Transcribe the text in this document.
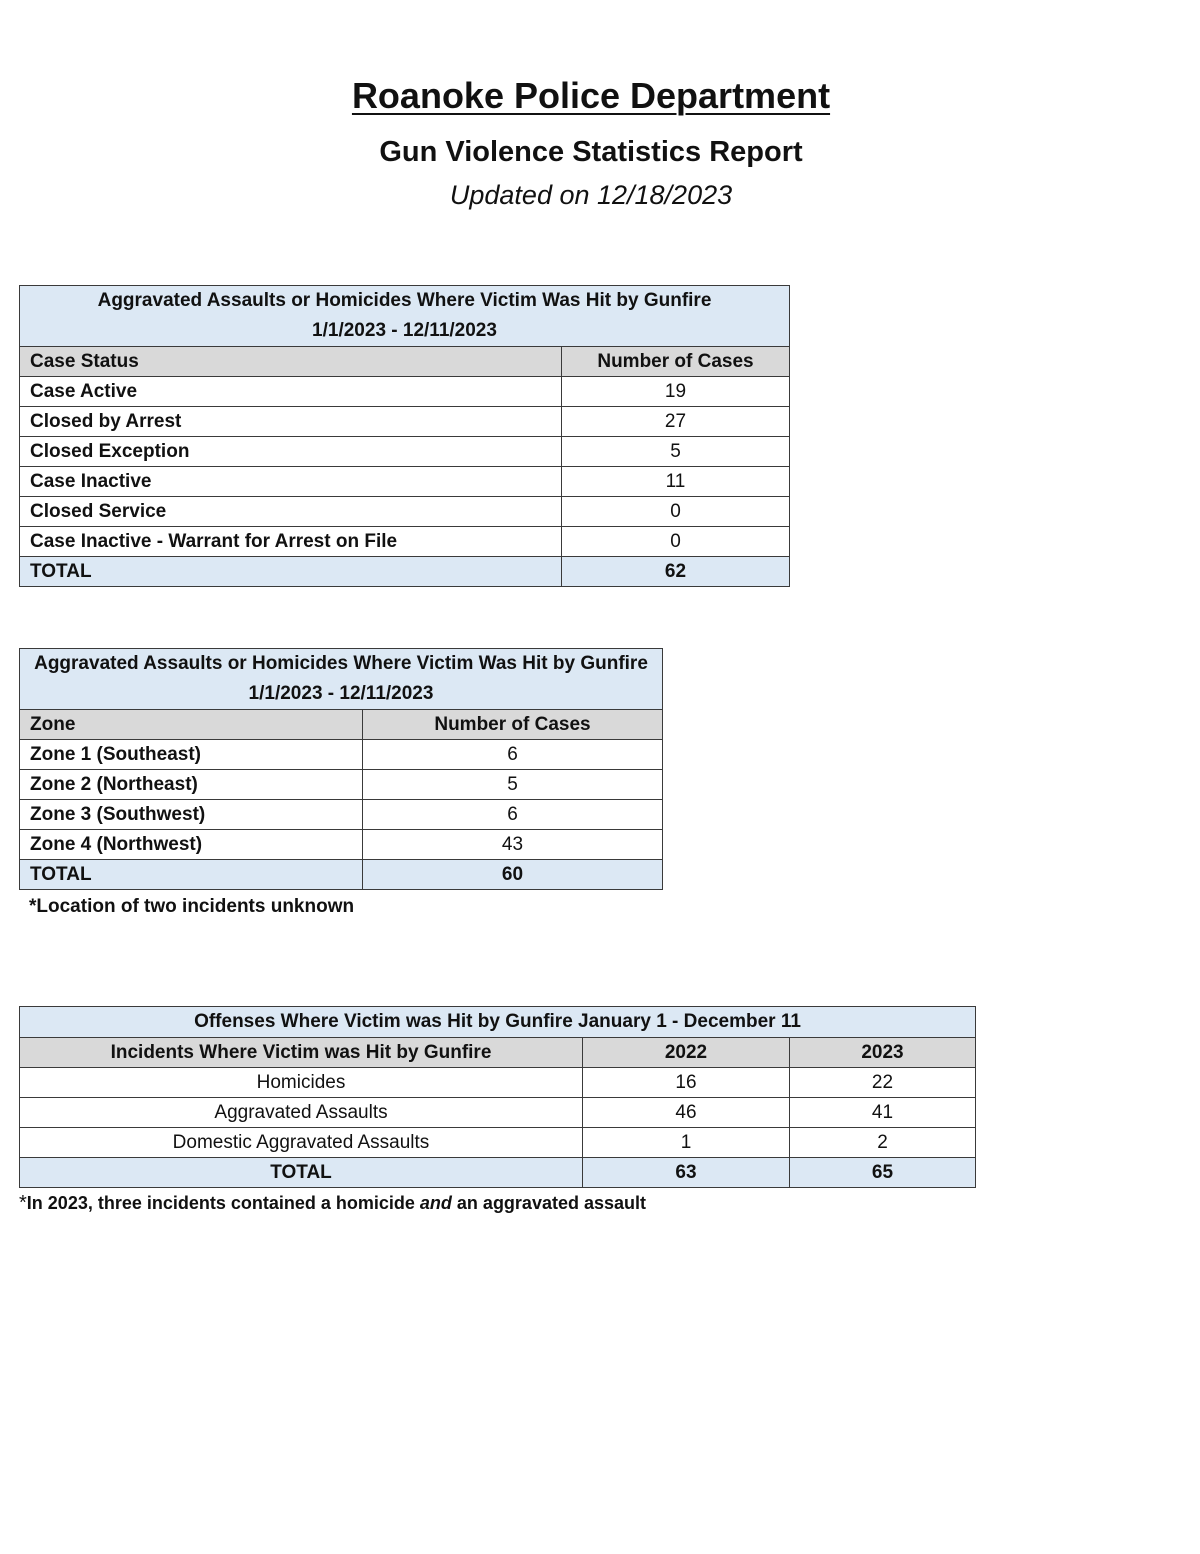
Roanoke Police Department
Gun Violence Statistics Report
Updated on 12/18/2023
Aggravated Assaults or Homicides Where Victim Was Hit by Gunfire
1/1/2023 - 12/11/2023	

Case Status	Number of Cases
Case Active	19
Closed by Arrest	27
Closed Exception	5
Case Inactive	11
Closed Service	0
Case Inactive - Warrant for Arrest on File	0
TOTAL	62
Aggravated Assaults or Homicides Where Victim Was Hit by Gunfire
1/1/2023 - 12/11/2023	

Zone	Number of Cases
Zone 1 (Southeast)	6
Zone 2 (Northeast)	5
Zone 3 (Southwest)	6
Zone 4 (Northwest)	43
TOTAL	60
*Location of two incidents unknown
Offenses Where Victim was Hit by Gunfire January 1 - December 11		
Incidents Where Victim was Hit by Gunfire	2022	2023
Homicides	16	22
Aggravated Assaults	46	41
Domestic Aggravated Assaults	1	2
TOTAL	63	65
*In 2023, three incidents contained a homicide and an aggravated assault
